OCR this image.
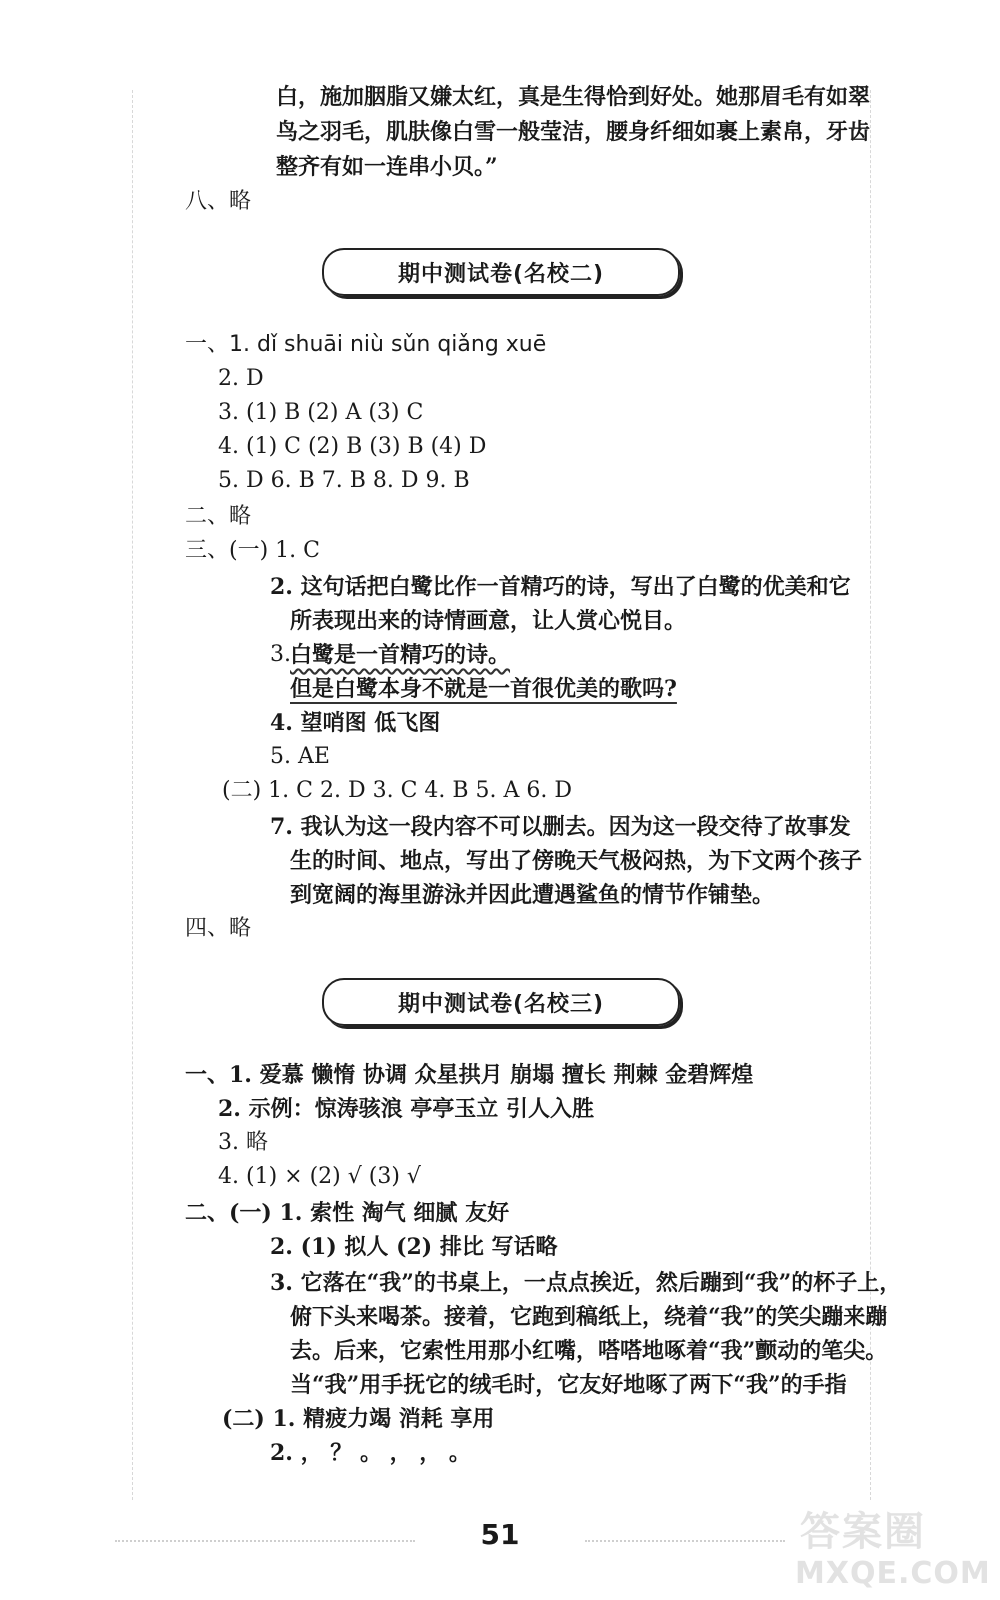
白，施加胭脂又嫌太红，真是生得恰到好处。她那眉毛有如翠
鸟之羽毛，肌肤像白雪一般莹洁，腰身纤细如裹上素帛，牙齿
整齐有如一连串小贝。”
八、略
期中测试卷(名校二)
一、1. dǐ shuāi niù sǔn qiǎng xuē
2. D
3. (1) B (2) A (3) C
4. (1) C (2) B (3) B (4) D
5. D 6. B 7. B 8. D 9. B
二、略
三、(一) 1. C
2. 这句话把白鹭比作一首精巧的诗，写出了白鹭的优美和它
所表现出来的诗情画意，让人赏心悦目。
3. 白鹭是一首精巧的诗。
但是白鹭本身不就是一首很优美的歌吗?
4. 望哨图 低飞图
5. AE
(二) 1. C 2. D 3. C 4. B 5. A 6. D
7. 我认为这一段内容不可以删去。因为这一段交待了故事发
生的时间、地点，写出了傍晚天气极闷热，为下文两个孩子
到宽阔的海里游泳并因此遭遇鲨鱼的情节作铺垫。
四、略
期中测试卷(名校三)
一、1. 爱慕 懒惰 协调 众星拱月 崩塌 擅长 荆棘 金碧辉煌
2. 示例：惊涛骇浪 亭亭玉立 引人入胜
3. 略
4. (1) × (2) √ (3) √
二、(一) 1. 索性 淘气 细腻 友好
2. (1) 拟人 (2) 排比 写话略
3. 它落在“我”的书桌上，一点点挨近，然后蹦到“我”的杯子上，
俯下头来喝茶。接着，它跑到稿纸上，绕着“我”的笑尖蹦来蹦
去。后来，它索性用那小红嘴，嗒嗒地啄着“我”颤动的笔尖。
当“我”用手抚它的绒毛时，它友好地啄了两下“我”的手指
(二) 1. 精疲力竭 消耗 享用
2. ， ？ 。 ， ， 。
51	答案圈
MXQE.COM
